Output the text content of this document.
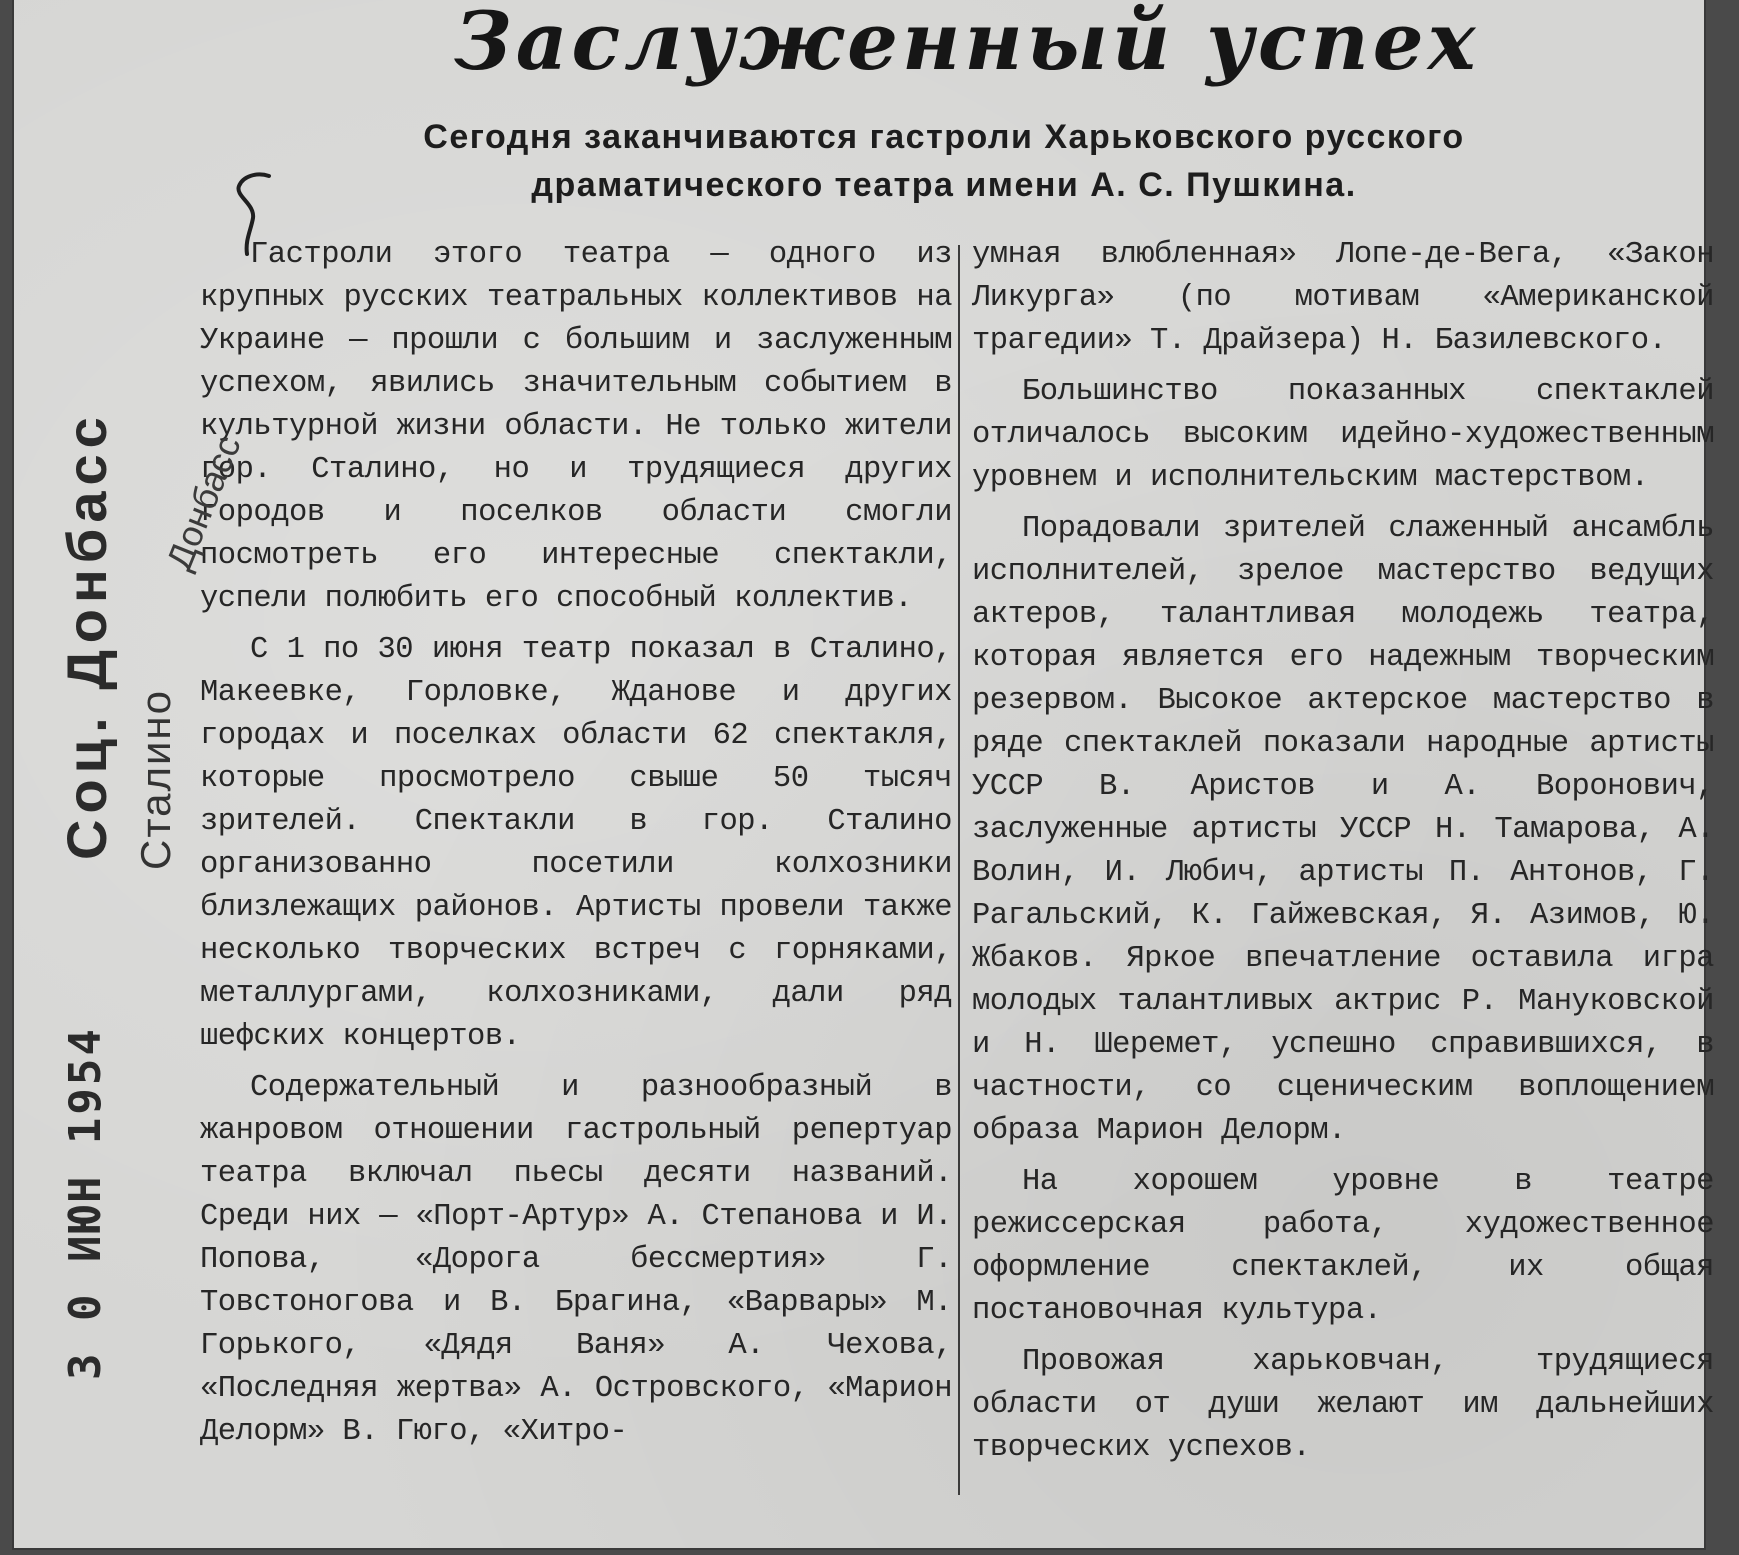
Заслуженный успех
Сегодня заканчиваются гастроли Харьковского русского
драматического театра имени А. С. Пушкина.
Соц. Донбасс

Гастроли этого театра — одного из крупных русских театральных коллективов на Украине — прошли с большим и заслуженным успехом, явились значительным событием в культурной жизни области. Не только жители гор. Сталино, но и трудящиеся других городов и поселков области смогли посмотреть его интересные спектакли, успели полюбить его способный коллектив.

С 1 по 30 июня театр показал в Сталино, Макеевке, Горловке, Жданове и других городах и поселках области 62 спектакля, которые просмотрело свыше 50 тысяч зрителей. Спектакли в гор. Сталино организованно посетили колхозники близлежащих районов. Артисты провели также несколько творческих встреч с горняками, металлургами, колхозниками, дали ряд шефских концертов.

Содержательный и разнообразный в жанровом отношении гастрольный репертуар театра включал пьесы десяти названий. Среди них — «Порт-Артур» А. Степанова и И. Попова, «Дорога бессмертия» Г. Товстоногова и В. Брагина, «Варвары» М. Горького, «Дядя Ваня» А. Чехова, «Последняя жертва» А. Островского, «Марион Делорм» В. Гюго, «Хитро-

умная влюбленная» Лопе-де-Вега, «Закон Ликурга» (по мотивам «Американской трагедии» Т. Драйзера) Н. Базилевского.

Большинство показанных спектаклей отличалось высоким идейно-художественным уровнем и исполнительским мастерством.

Порадовали зрителей слаженный ансамбль исполнителей, зрелое мастерство ведущих актеров, талантливая молодежь театра, которая является его надежным творческим резервом. Высокое актерское мастерство в ряде спектаклей показали народные артисты УССР В. Аристов и А. Воронович, заслуженные артисты УССР Н. Тамарова, А. Волин, И. Любич, артисты П. Антонов, Г. Рагальский, К. Гайжевская, Я. Азимов, Ю. Жбаков. Яркое впечатление оставила игра молодых талантливых актрис Р. Мануковской и Н. Шеремет, успешно справившихся, в частности, со сценическим воплощением образа Марион Делорм.

На хорошем уровне в театре режиссерская работа, художественное оформление спектаклей, их общая постановочная культура.

Провожая харьковчан, трудящиеся области от души желают им дальнейших творческих успехов.

3 0 ИЮН 1954
Сталино
Донбасс
